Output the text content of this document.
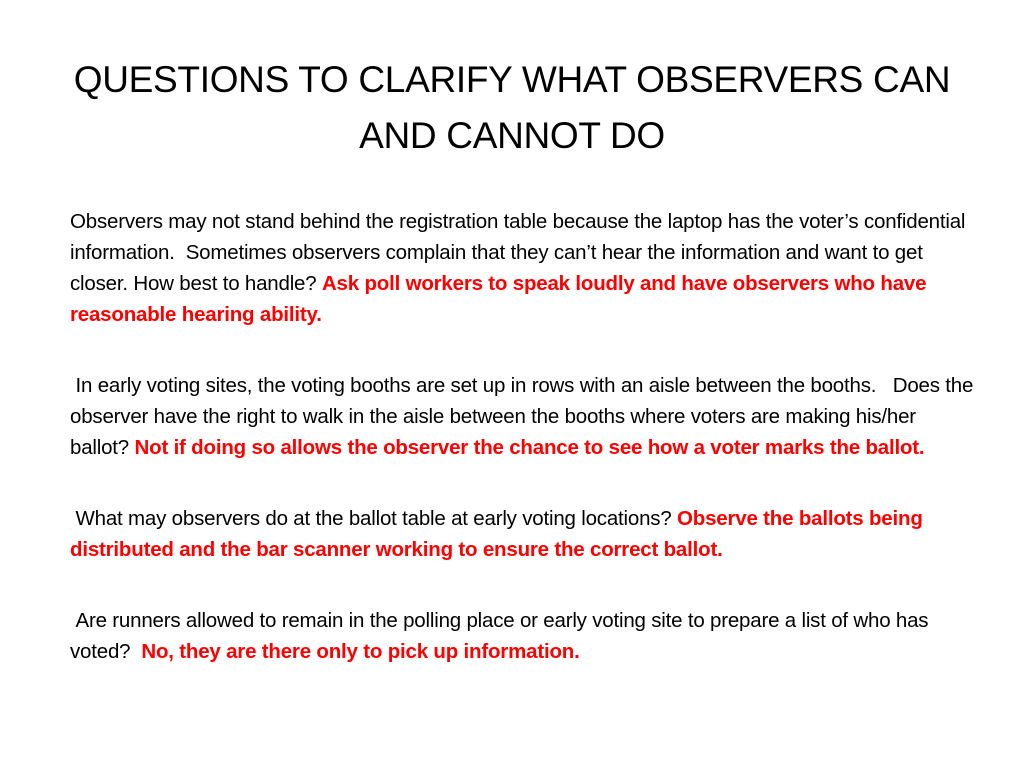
QUESTIONS TO CLARIFY WHAT OBSERVERS CAN AND CANNOT DO

Observers may not stand behind the registration table because the laptop has the voter’s confidential information.  Sometimes observers complain that they can’t hear the information and want to get closer. How best to handle? Ask poll workers to speak loudly and have observers who have reasonable hearing ability.

In early voting sites, the voting booths are set up in rows with an aisle between the booths.   Does the observer have the right to walk in the aisle between the booths where voters are making his/her ballot? Not if doing so allows the observer the chance to see how a voter marks the ballot.

What may observers do at the ballot table at early voting locations? Observe the ballots being distributed and the bar scanner working to ensure the correct ballot.

Are runners allowed to remain in the polling place or early voting site to prepare a list of who has voted?  No, they are there only to pick up information.
